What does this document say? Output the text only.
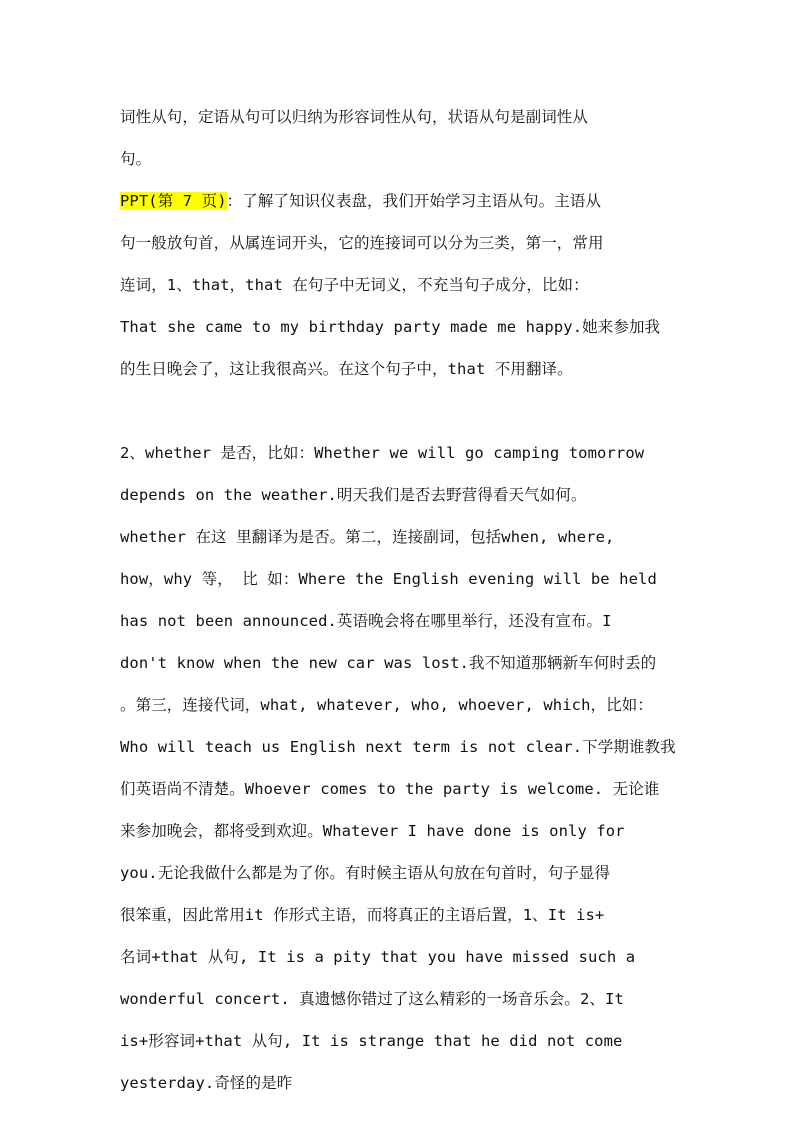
词性从句，定语从句可以归纳为形容词性从句，状语从句是副词性从
句。
PPT(第 7 页)：了解了知识仪表盘，我们开始学习主语从句。主语从
句一般放句首，从属连词开头，它的连接词可以分为三类，第一，常用
连词，1、that，that 在句子中无词义，不充当句子成分，比如：
That she came to my birthday party made me happy.她来参加我
的生日晚会了，这让我很高兴。在这个句子中，that 不用翻译。
2、whether 是否，比如：Whether we will go camping tomorrow
depends on the weather.明天我们是否去野营得看天气如何。
whether 在这 里翻译为是否。第二，连接副词，包括when, where,
how，why 等， 比 如：Where the English evening will be held
has not been announced.英语晚会将在哪里举行，还没有宣布。I
don't know when the new car was lost.我不知道那辆新车何时丢的
。第三，连接代词，what, whatever, who, whoever, which，比如：
Who will teach us English next term is not clear.下学期谁教我
们英语尚不清楚。Whoever comes to the party is welcome. 无论谁
来参加晚会，都将受到欢迎。Whatever I have done is only for
you.无论我做什么都是为了你。有时候主语从句放在句首时，句子显得
很笨重，因此常用it 作形式主语，而将真正的主语后置，1、It is+
名词+that 从句, It is a pity that you have missed such a
wonderful concert. 真遗憾你错过了这么精彩的一场音乐会。2、It
is+形容词+that 从句, It is strange that he did not come
yesterday.奇怪的是昨
